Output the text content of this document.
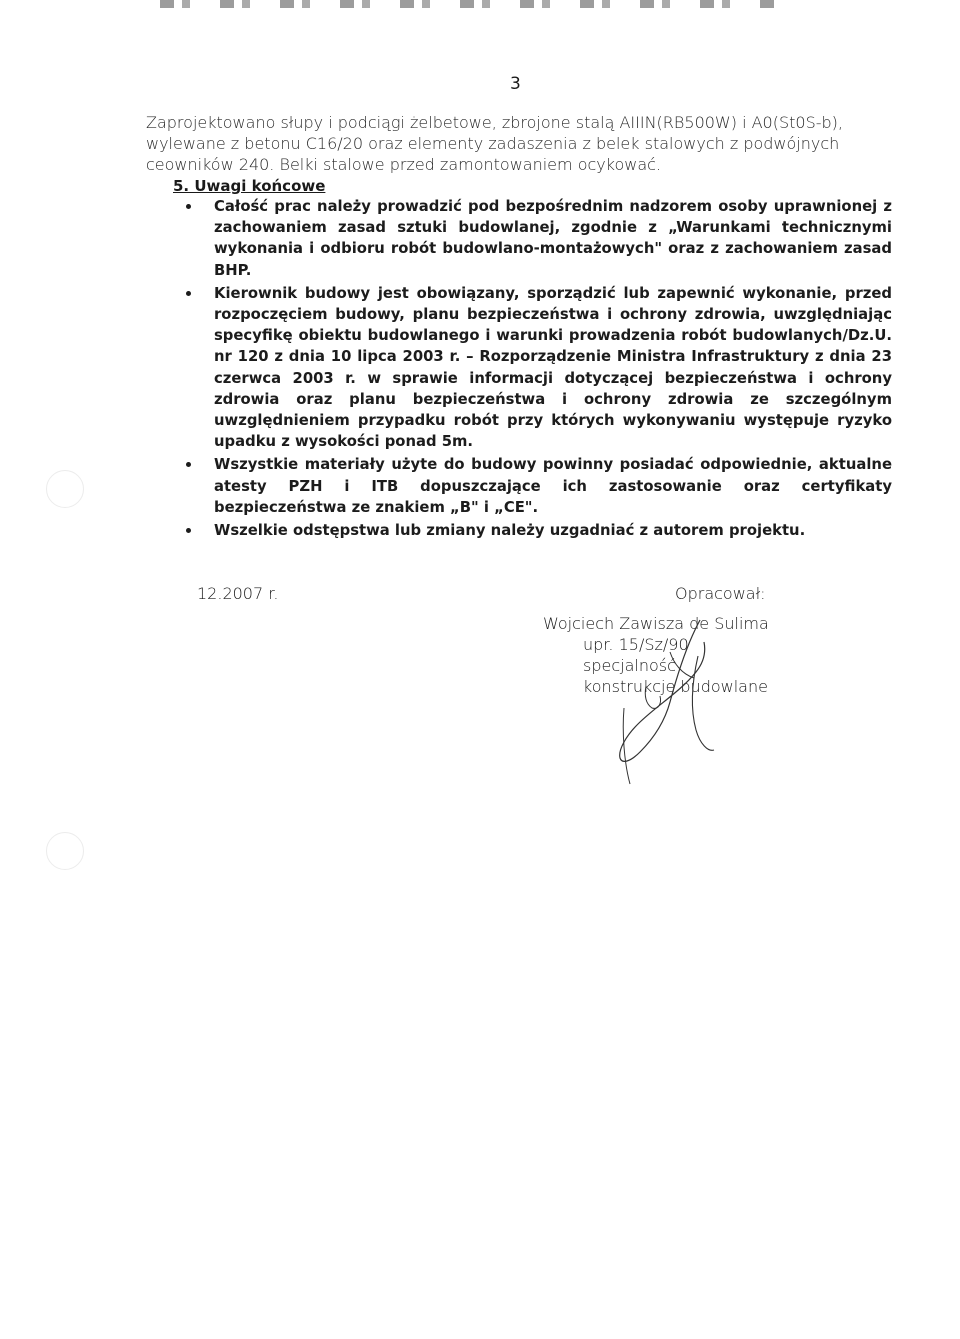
3
Zaprojektowano słupy i podciągi żelbetowe, zbrojone stalą AIIIN(RB500W) i A0(St0S-b),
wylewane z betonu C16/20 oraz elementy zadaszenia z belek stalowych z podwójnych
ceowników 240. Belki stalowe przed zamontowaniem ocykować.
5. Uwagi końcowe
Całość prac należy prowadzić pod bezpośrednim nadzorem osoby uprawnionej z zachowaniem zasad sztuki budowlanej, zgodnie z „Warunkami technicznymi wykonania i odbioru robót budowlano-montażowych" oraz z zachowaniem zasad BHP.
Kierownik budowy jest obowiązany, sporządzić lub zapewnić wykonanie, przed rozpoczęciem budowy, planu bezpieczeństwa i ochrony zdrowia, uwzględniając specyfikę obiektu budowlanego i warunki prowadzenia robót budowlanych/Dz.U. nr 120 z dnia 10 lipca 2003 r. – Rozporządzenie Ministra Infrastruktury z dnia 23 czerwca 2003 r. w sprawie informacji dotyczącej bezpieczeństwa i ochrony zdrowia oraz planu bezpieczeństwa i ochrony zdrowia ze szczególnym uwzględnieniem przypadku robót przy których wykonywaniu występuje ryzyko upadku z wysokości ponad 5m.
Wszystkie materiały użyte do budowy powinny posiadać odpowiednie, aktualne atesty PZH i ITB dopuszczające ich zastosowanie oraz certyfikaty bezpieczeństwa ze znakiem „B" i „CE".
Wszelkie odstępstwa lub zmiany należy uzgadniać z autorem projektu.
12.2007 r.	Opracował:
Wojciech Zawisza de Sulima
upr. 15/Sz/90
specjalność
konstrukcje budowlane
